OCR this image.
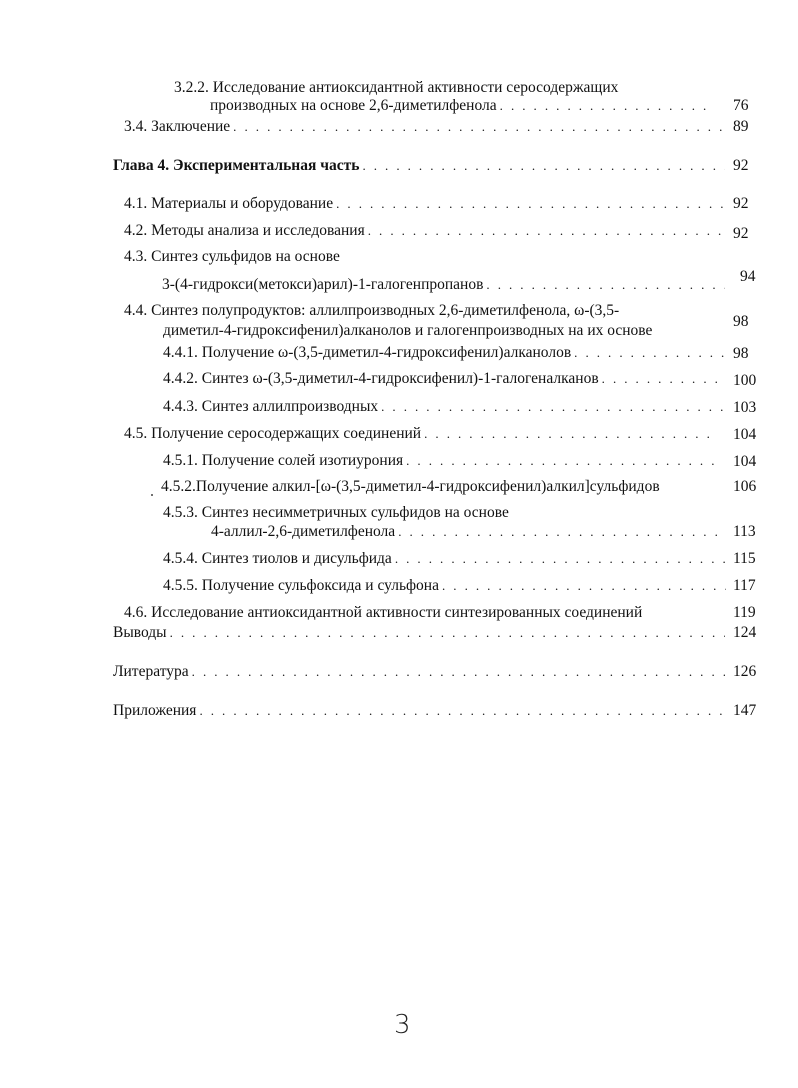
3.2.2. Исследование антиоксидантной активности серосодержащих
производных на основе 2,6-диметилфенола . . .	76
3.4. Заключение . . .	89
Глава 4. Экспериментальная часть . . .	92
4.1. Материалы и оборудование . . .	92
4.2. Методы анализа и исследования . . .	92
4.3. Синтез сульфидов на основе
3-(4-гидрокси(метокси)арил)-1-галогенпропанов
. . .	94
4.4. Синтез полупродуктов: аллилпроизводных 2,6-диметилфенола, ω-(3,5-
диметил-4-гидроксифенил)алканолов и галогенпроизводных на их основе
98
4.4.1. Получение ω-(3,5-диметил-4-гидроксифенил)алканолов . . .	98
4.4.2. Синтез ω-(3,5-диметил-4-гидроксифенил)-1-галогеналканов . . .	100
4.4.3. Синтез аллилпроизводных . . .	103
4.5. Получение серосодержащих соединений . . .	104
4.5.1. Получение солей изотиурония . . .	104
4.5.2.Получение алкил-[ω-(3,5-диметил-4-гидроксифенил)алкил]сульфидов	106
4.5.3. Синтез несимметричных сульфидов на основе
4-аллил-2,6-диметилфенола . . .	113
4.5.4. Синтез тиолов и дисульфида . . .	115
4.5.5. Получение сульфоксида и сульфона . . .	117
4.6. Исследование антиоксидантной активности синтезированных соединений	119
Выводы . . .	124
Литература . . .	126
Приложения . . .	147
3
